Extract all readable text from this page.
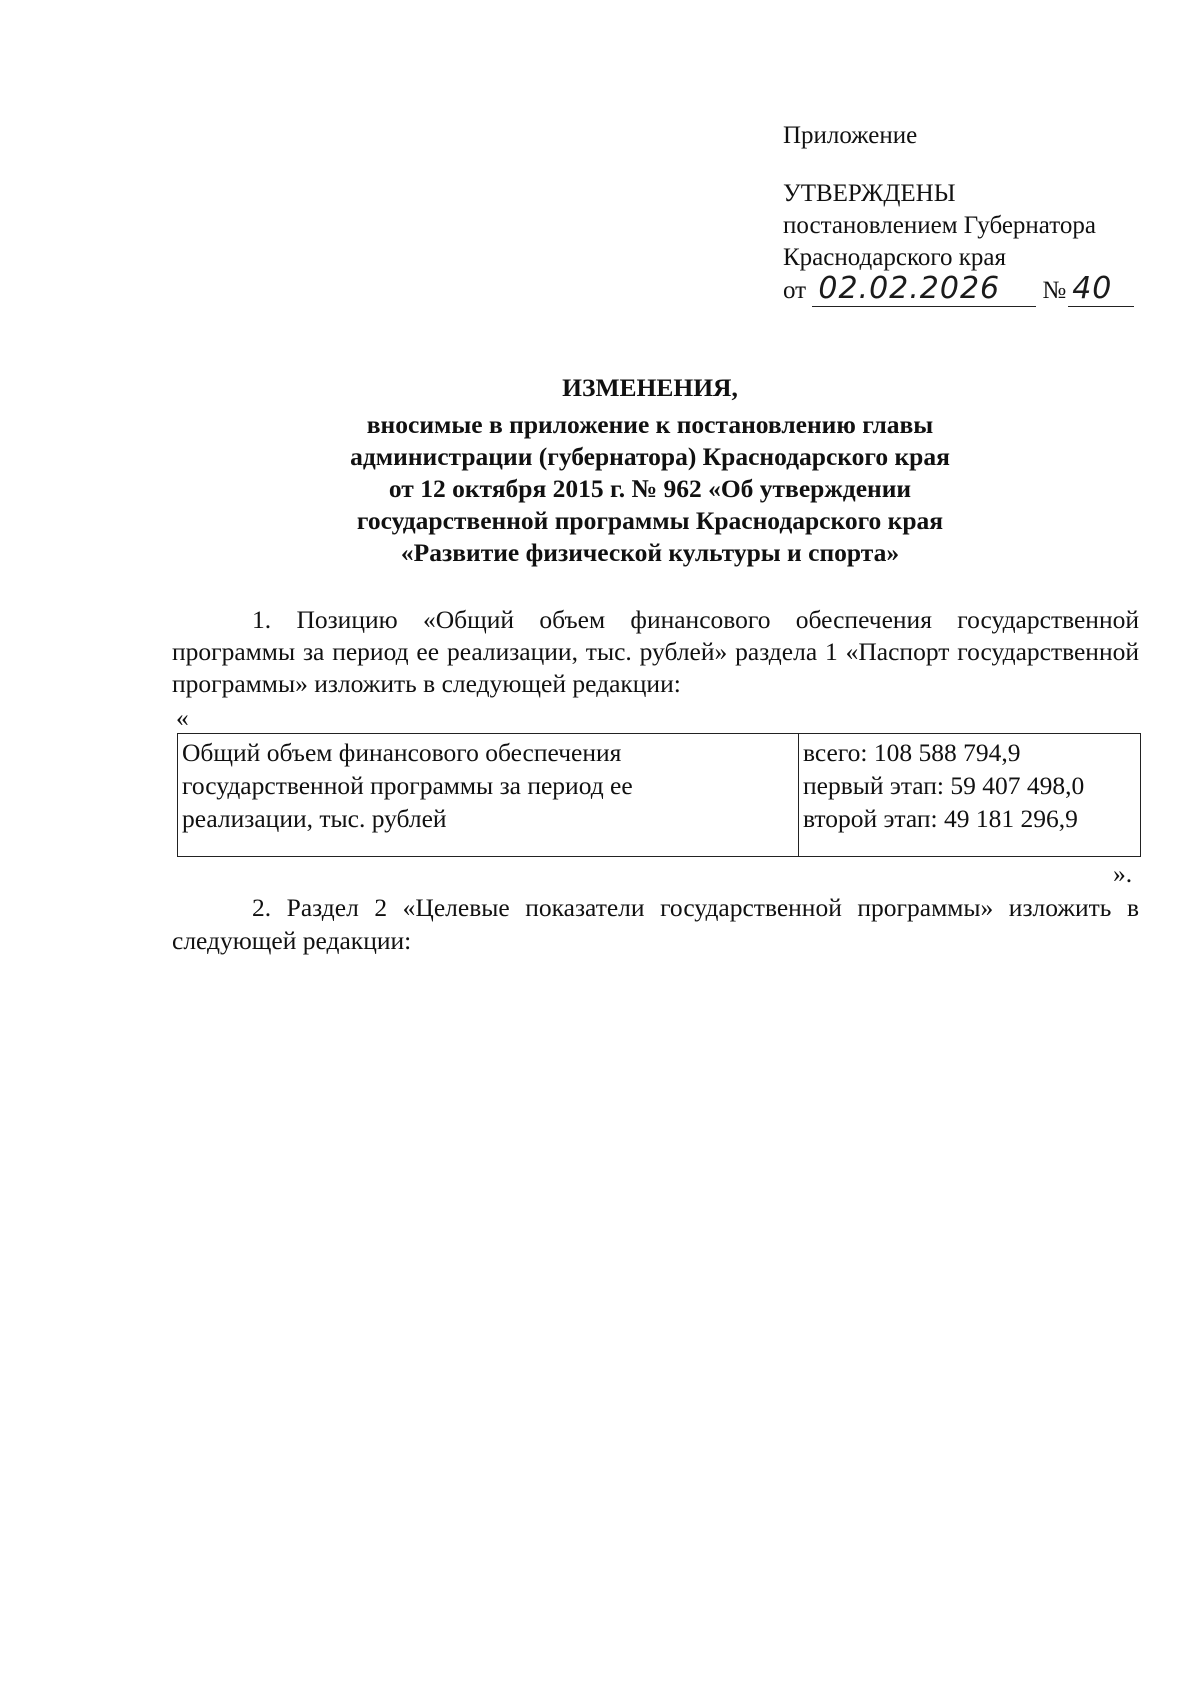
Приложение
УТВЕРЖДЕНЫ
постановлением Губернатора
Краснодарского края
от 02.02.2026 № 40
ИЗМЕНЕНИЯ,
вносимые в приложение к постановлению главы
администрации (губернатора) Краснодарского края
от 12 октября 2015 г. № 962 «Об утверждении
государственной программы Краснодарского края
«Развитие физической культуры и спорта»
1. Позицию «Общий объем финансового обеспечения государственной программы за период ее реализации, тыс. рублей» раздела 1 «Паспорт государственной программы» изложить в следующей редакции:
«
Общий объем финансового обеспечения
государственной программы за период ее
реализации, тыс. рублей
всего: 108 588 794,9
первый этап: 59 407 498,0
второй этап: 49 181 296,9
».
2. Раздел 2 «Целевые показатели государственной программы» изложить в следующей редакции:
